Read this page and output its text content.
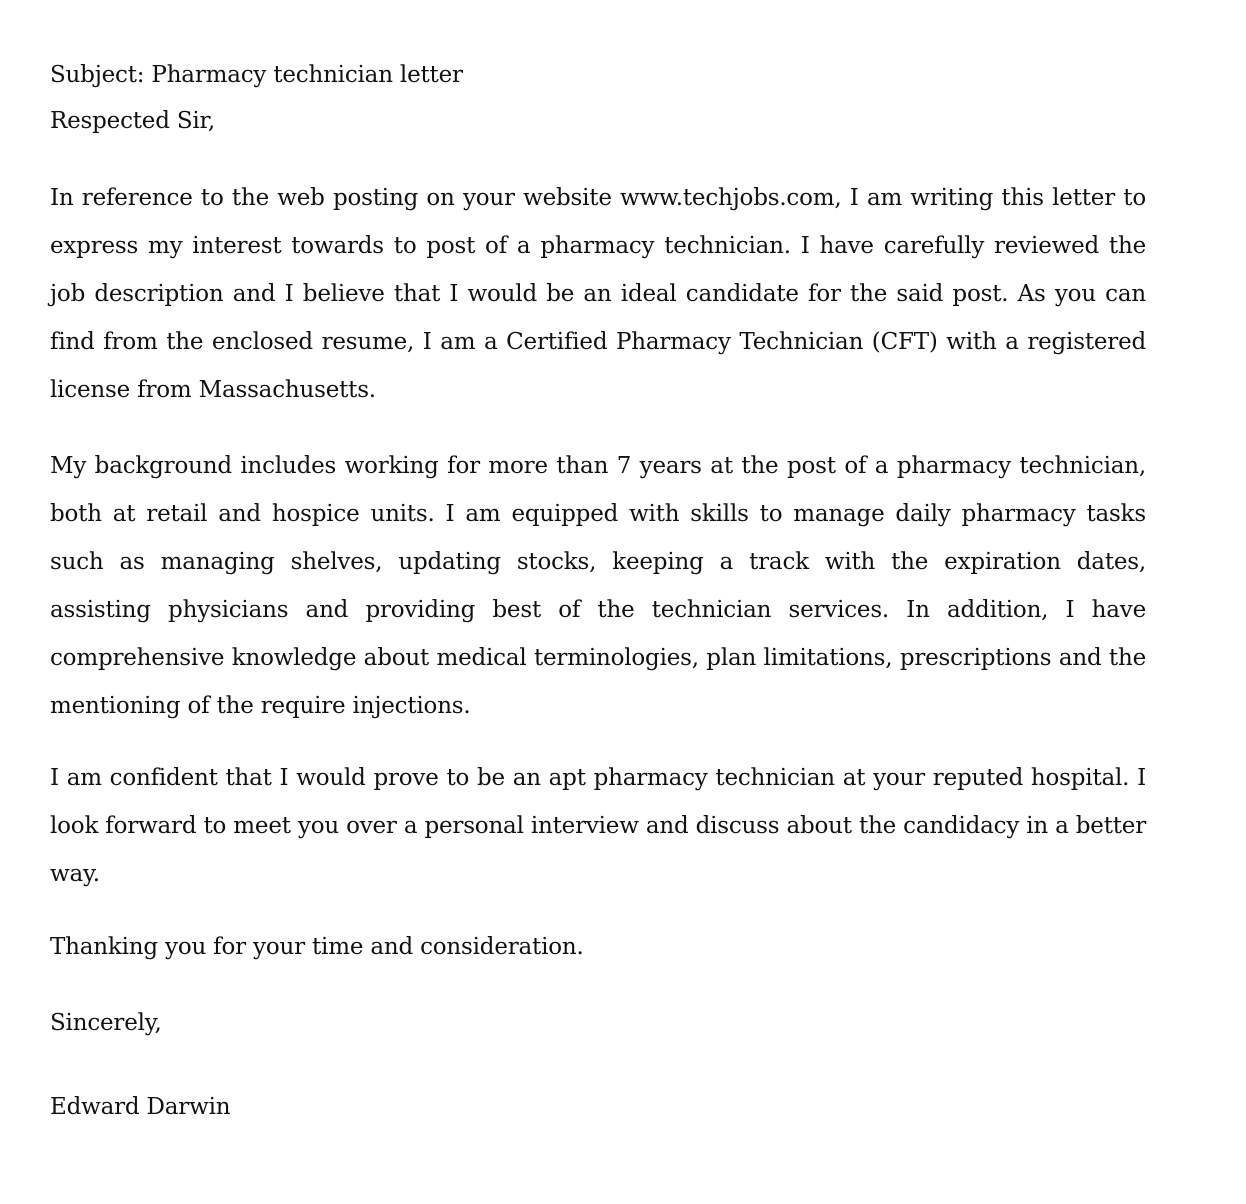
Subject: Pharmacy technician letter

Respected Sir,

In reference to the web posting on your website www.techjobs.com, I am writing this letter to express my interest towards to post of a pharmacy technician. I have carefully reviewed the job description and I believe that I would be an ideal candidate for the said post. As you can find from the enclosed resume, I am a Certified Pharmacy Technician (CFT) with a registered license from Massachusetts.

My background includes working for more than 7 years at the post of a pharmacy technician, both at retail and hospice units. I am equipped with skills to manage daily pharmacy tasks such as managing shelves, updating stocks, keeping a track with the expiration dates, assisting physicians and providing best of the technician services. In addition, I have comprehensive knowledge about medical terminologies, plan limitations, prescriptions and the mentioning of the require injections.

I am confident that I would prove to be an apt pharmacy technician at your reputed hospital. I look forward to meet you over a personal interview and discuss about the candidacy in a better way.

Thanking you for your time and consideration.

Sincerely,

Edward Darwin
